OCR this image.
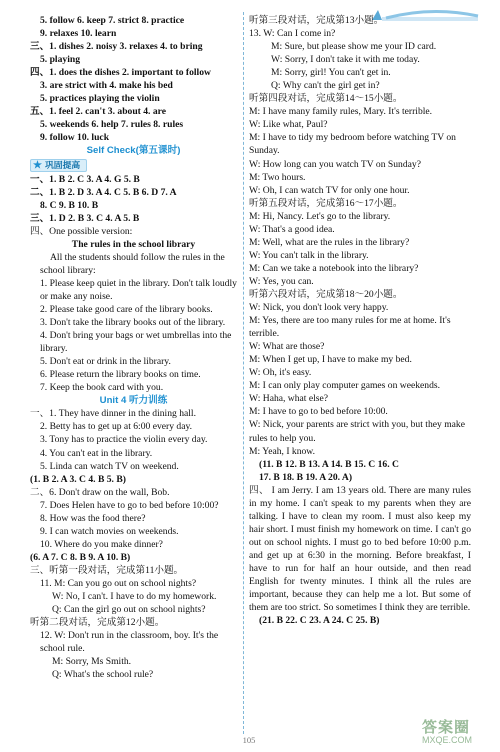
5. follow 6. keep 7. strict 8. practice
9. relaxes 10. learn
三、1. dishes 2. noisy 3. relaxes 4. to bring
5. playing
四、1. does the dishes 2. important to follow
3. are strict with 4. make his bed
5. practices playing the violin
五、1. feel 2. can't 3. about 4. are
5. weekends 6. help 7. rules 8. rules
9. follow 10. luck
Self Check(第五课时)
★ 巩固提高
一、1. B 2. C 3. A 4. G 5. B
二、1. B 2. D 3. A 4. C 5. B 6. D 7. A
8. C 9. B 10. B
三、1. D 2. B 3. C 4. A 5. B
四、One possible version:
The rules in the school library
All the students should follow the rules in the school library:
1. Please keep quiet in the library. Don't talk loudly or make any noise.
2. Please take good care of the library books.
3. Don't take the library books out of the library.
4. Don't bring your bags or wet umbrellas into the library.
5. Don't eat or drink in the library.
6. Please return the library books on time.
7. Keep the book card with you.
Unit 4 听力训练
一、1. They have dinner in the dining hall.
2. Betty has to get up at 6:00 every day.
3. Tony has to practice the violin every day.
4. You can't eat in the library.
5. Linda can watch TV on weekend.
(1. B 2. A 3. C 4. B 5. B)
二、6. Don't draw on the wall, Bob.
7. Does Helen have to go to bed before 10:00?
8. How was the food there?
9. I can watch movies on weekends.
10. Where do you make dinner?
(6. A 7. C 8. B 9. A 10. B)
三、听第一段对话，完成第11小题。
11. M: Can you go out on school nights?
W: No, I can't. I have to do my homework.
Q: Can the girl go out on school nights?
听第二段对话，完成第12小题。
12. W: Don't run in the classroom, boy. It's the school rule.
M: Sorry, Ms Smith.
Q: What's the school rule?
听第三段对话，完成第13小题。
13. W: Can I come in?
M: Sure, but please show me your ID card.
W: Sorry, I don't take it with me today.
M: Sorry, girl! You can't get in.
Q: Why can't the girl get in?
听第四段对话，完成第14～15小题。
M: I have many family rules, Mary. It's terrible.
W: Like what, Paul?
M: I have to tidy my bedroom before watching TV on Sunday.
W: How long can you watch TV on Sunday?
M: Two hours.
W: Oh, I can watch TV for only one hour.
听第五段对话，完成第16～17小题。
M: Hi, Nancy. Let's go to the library.
W: That's a good idea.
M: Well, what are the rules in the library?
W: You can't talk in the library.
M: Can we take a notebook into the library?
W: Yes, you can.
听第六段对话，完成第18～20小题。
W: Nick, you don't look very happy.
M: Yes, there are too many rules for me at home. It's terrible.
W: What are those?
M: When I get up, I have to make my bed.
W: Oh, it's easy.
M: I can only play computer games on weekends.
W: Haha, what else?
M: I have to go to bed before 10:00.
W: Nick, your parents are strict with you, but they make rules to help you.
M: Yeah, I know.
(11. B 12. B 13. A 14. B 15. C 16. C
17. B 18. B 19. A 20. A)
四、 I am Jerry. I am 13 years old. There are many rules in my home. I can't speak to my parents when they are talking. I have to clean my room. I must also keep my hair short. I must finish my homework on time. I can't go out on school nights. I must go to bed before 10:00 p.m. and get up at 6:30 in the morning. Before breakfast, I have to run for half an hour outside, and then read English for twenty minutes. I think all the rules are important, because they can help me a lot. But some of them are too strict. So sometimes I think they are terrible.
(21. B 22. C 23. A 24. C 25. B)
105
答案圈
MXQE.COM
